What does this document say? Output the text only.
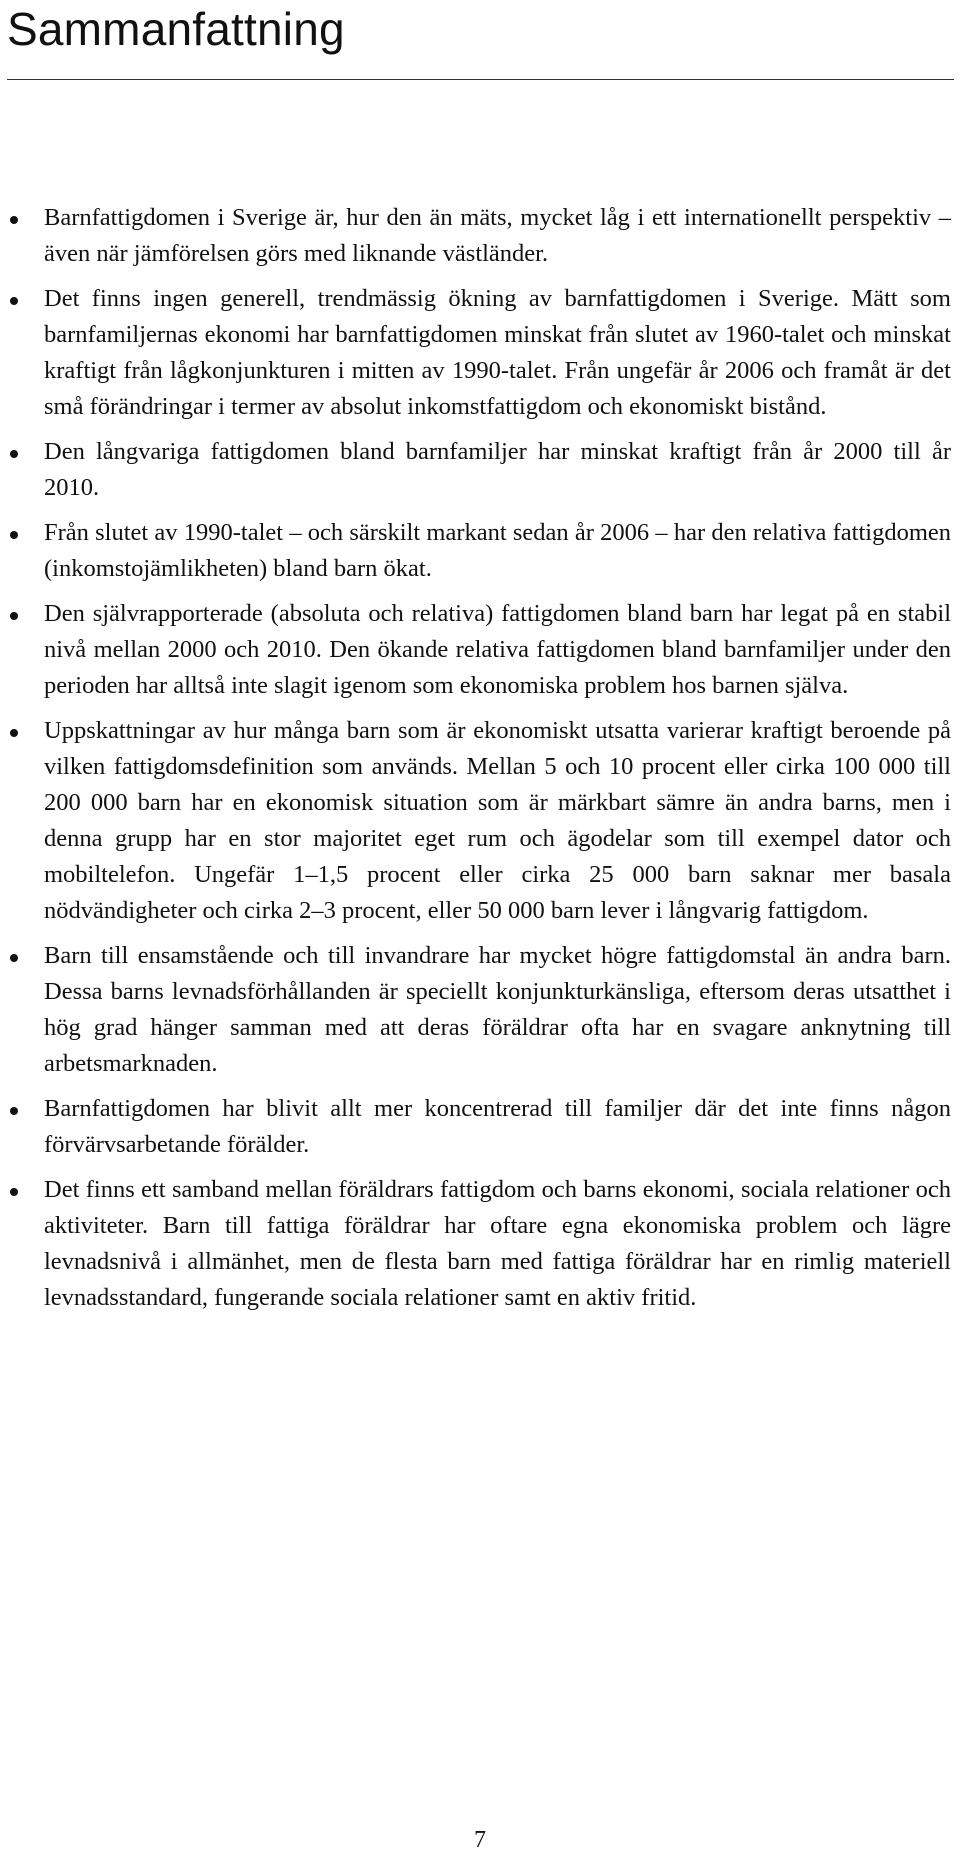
Sammanfattning
Barnfattigdomen i Sverige är, hur den än mäts, mycket låg i ett internationellt perspektiv – även när jämförelsen görs med liknande västländer.
Det finns ingen generell, trendmässig ökning av barnfattigdomen i Sverige. Mätt som barnfamiljernas ekonomi har barnfattigdomen minskat från slutet av 1960-talet och minskat kraftigt från lågkonjunkturen i mitten av 1990-talet. Från ungefär år 2006 och framåt är det små förändringar i termer av absolut inkomstfattigdom och ekonomiskt bistånd.
Den långvariga fattigdomen bland barnfamiljer har minskat kraftigt från år 2000 till år 2010.
Från slutet av 1990-talet – och särskilt markant sedan år 2006 – har den relativa fattigdomen (inkomstojämlikheten) bland barn ökat.
Den självrapporterade (absoluta och relativa) fattigdomen bland barn har legat på en stabil nivå mellan 2000 och 2010. Den ökande relativa fattigdomen bland barnfamiljer under den perioden har alltså inte slagit igenom som ekonomiska problem hos barnen själva.
Uppskattningar av hur många barn som är ekonomiskt utsatta varierar kraftigt beroende på vilken fattigdomsdefinition som används. Mellan 5 och 10 procent eller cirka 100 000 till 200 000 barn har en ekonomisk situation som är märkbart sämre än andra barns, men i denna grupp har en stor majoritet eget rum och ägodelar som till exempel dator och mobiltelefon. Ungefär 1–1,5 procent eller cirka 25 000 barn saknar mer basala nödvändigheter och cirka 2–3 procent, eller 50 000 barn lever i långvarig fattigdom.
Barn till ensamstående och till invandrare har mycket högre fattigdomstal än andra barn. Dessa barns levnadsförhållanden är speciellt konjunkturkänsliga, eftersom deras utsatthet i hög grad hänger samman med att deras föräldrar ofta har en svagare anknytning till arbetsmarknaden.
Barnfattigdomen har blivit allt mer koncentrerad till familjer där det inte finns någon förvärvsarbetande förälder.
Det finns ett samband mellan föräldrars fattigdom och barns ekonomi, sociala relationer och aktiviteter. Barn till fattiga föräldrar har oftare egna ekonomiska problem och lägre levnadsnivå i allmänhet, men de flesta barn med fattiga föräldrar har en rimlig materiell levnadsstandard, fungerande sociala relationer samt en aktiv fritid.
7
